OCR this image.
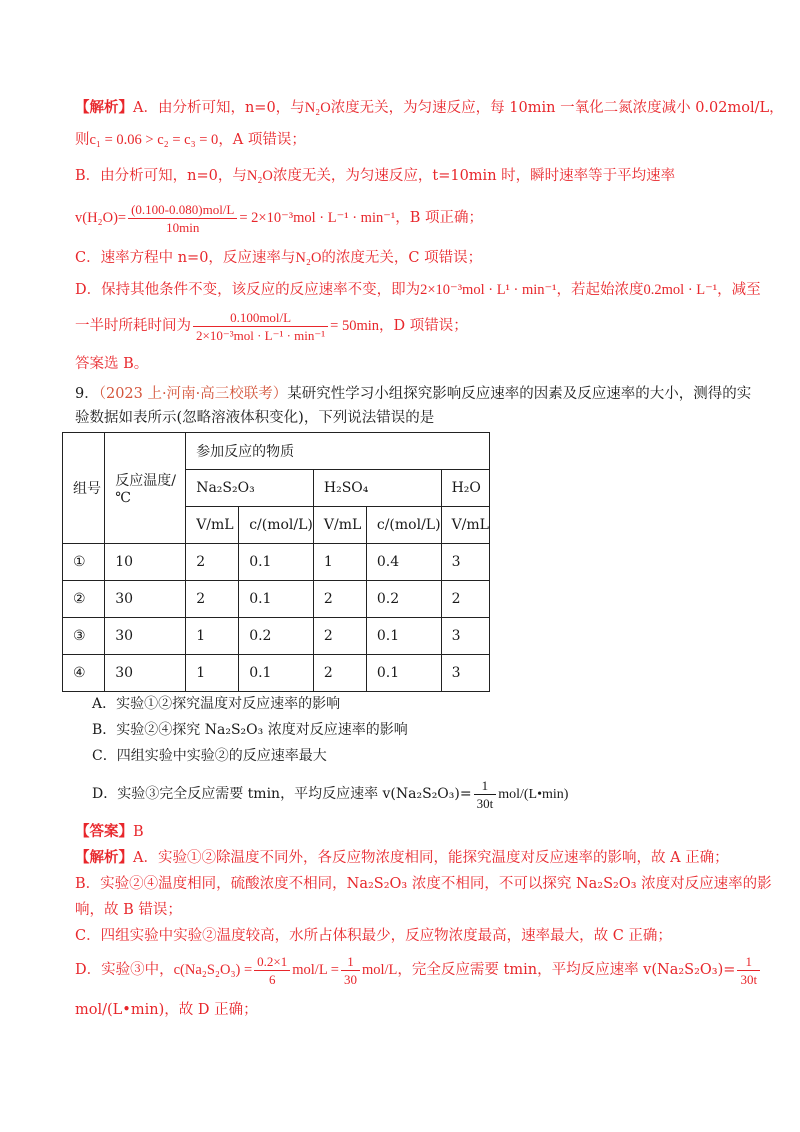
【解析】A．由分析可知，n=0，与N₂O浓度无关，为匀速反应，每 10min 一氧化二氮浓度减小 0.02mol/L，
则c₁ = 0.06 > c₂ = c₃ = 0，A 项错误；
B．由分析可知，n=0，与N₂O浓度无关，为匀速反应，t=10min 时，瞬时速率等于平均速率
$v(H_2O)= \frac{\text{(0.100-0.080)mol/L}}{10\min} = 2\times 10^{-3}mol \cdot L^{-1} \cdot \min^{-1}$，B 项正确；
C．速率方程中 n=0，反应速率与N₂O的浓度无关，C 项错误；
D．保持其他条件不变，该反应的反应速率不变，即为2×10⁻³mol · L¹ · min⁻¹，若起始浓度0.2mol · L⁻¹，减至
一半时所耗时间为 $\frac{\text{0.100mol/L}}{\text{2×10⁻³mol · L⁻¹ · min⁻¹}} = 50\min$，D 项错误；
答案选 B。
9．（2023 上·河南·高三校联考）某研究性学习小组探究影响反应速率的因素及反应速率的大小，测得的实
验数据如表所示(忽略溶液体积变化)，下列说法错误的是
组号	反应温度/℃	参加反应的物质				
		Na₂S₂O₃		H₂SO₄		H₂O
		V/mL	c/(mol/L)	V/mL	c/(mol/L)	V/mL
①	10	2	0.1	1	0.4	3
②	30	2	0.1	2	0.2	2
③	30	1	0.2	2	0.1	3
④	30	1	0.1	2	0.1	3
A．实验①②探究温度对反应速率的影响
B．实验②④探究 Na₂S₂O₃ 浓度对反应速率的影响
C．四组实验中实验②的反应速率最大
D．实验③完全反应需要 tmin，平均反应速率 $v(Na_2S_2O_3)= \frac{1}{30t}$ mol/(L•min)
【答案】B
【解析】A．实验①②除温度不同外，各反应物浓度相同，能探究温度对反应速率的影响，故 A 正确；
B．实验②④温度相同，硫酸浓度不相同，Na₂S₂O₃ 浓度不相同，不可以探究 Na₂S₂O₃ 浓度对反应速率的影
响，故 B 错误；
C．四组实验中实验②温度较高，水所占体积最少，反应物浓度最高，速率最大，故 C 正确；
D．实验③中，$c(Na_2S_2O_3) = \frac{0.2\times 1}{6} mol/L = \frac{1}{30} mol/L$，完全反应需要 tmin，平均反应速率 $v(Na_2S_2O_3)= \frac{1}{30t}$
mol/(L•min)，故 D 正确；
